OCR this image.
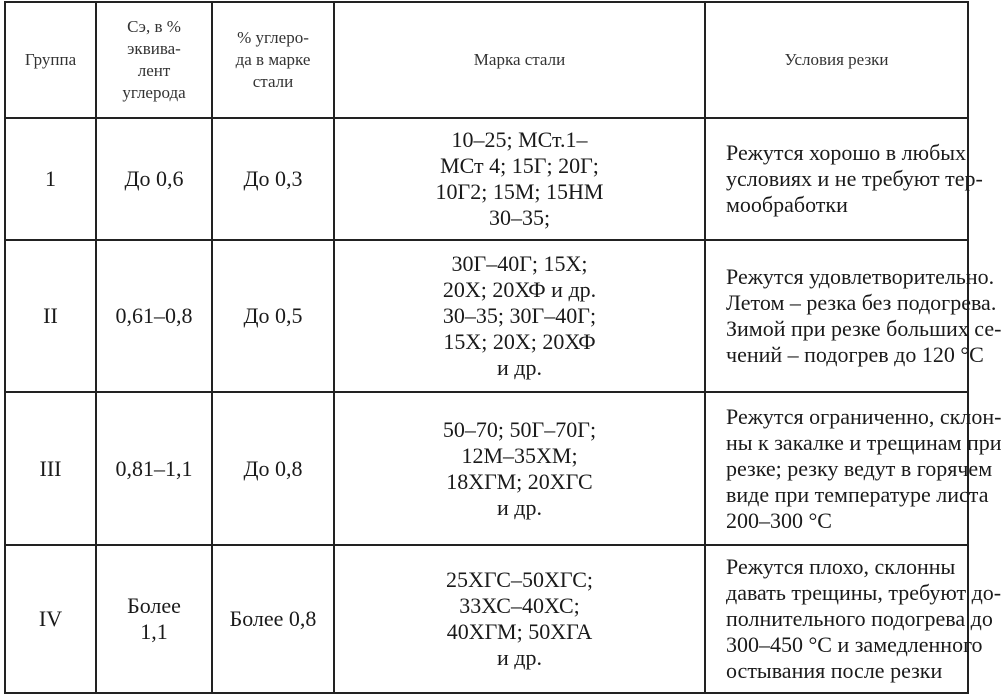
Группа	Сэ, в %
эквива-
лент
углерода	% углеро-
да в марке
стали	Марка стали	Условия резки
1	До 0,6	До 0,3	10–25; МСт.1–
МСт 4; 15Г; 20Г;
10Г2; 15М; 15НМ
30–35;	Режутся хорошо в любых
условиях и не требуют тер-
мообработки

II	0,61–0,8	До 0,5	30Г–40Г; 15Х;
20Х; 20ХФ и др.
30–35; 30Г–40Г;
15Х; 20Х; 20ХФ
и др.	Режутся удовлетворительно.
Летом – резка без подогрева.
Зимой при резке больших се-
чений – подогрев до 120 °С

III	0,81–1,1	До 0,8	50–70; 50Г–70Г;
12М–35ХМ;
18ХГМ; 20ХГС
и др.	Режутся ограниченно, склон-
ны к закалке и трещинам при
резке; резку ведут в горячем
виде при температуре листа
200–300 °С

IV	Более
1,1	Более 0,8	25ХГС–50ХГС;
33ХС–40ХС;
40ХГМ; 50ХГА
и др.	Режутся плохо, склонны
давать трещины, требуют до-
полнительного подогрева до
300–450 °С и замедленного
остывания после резки
